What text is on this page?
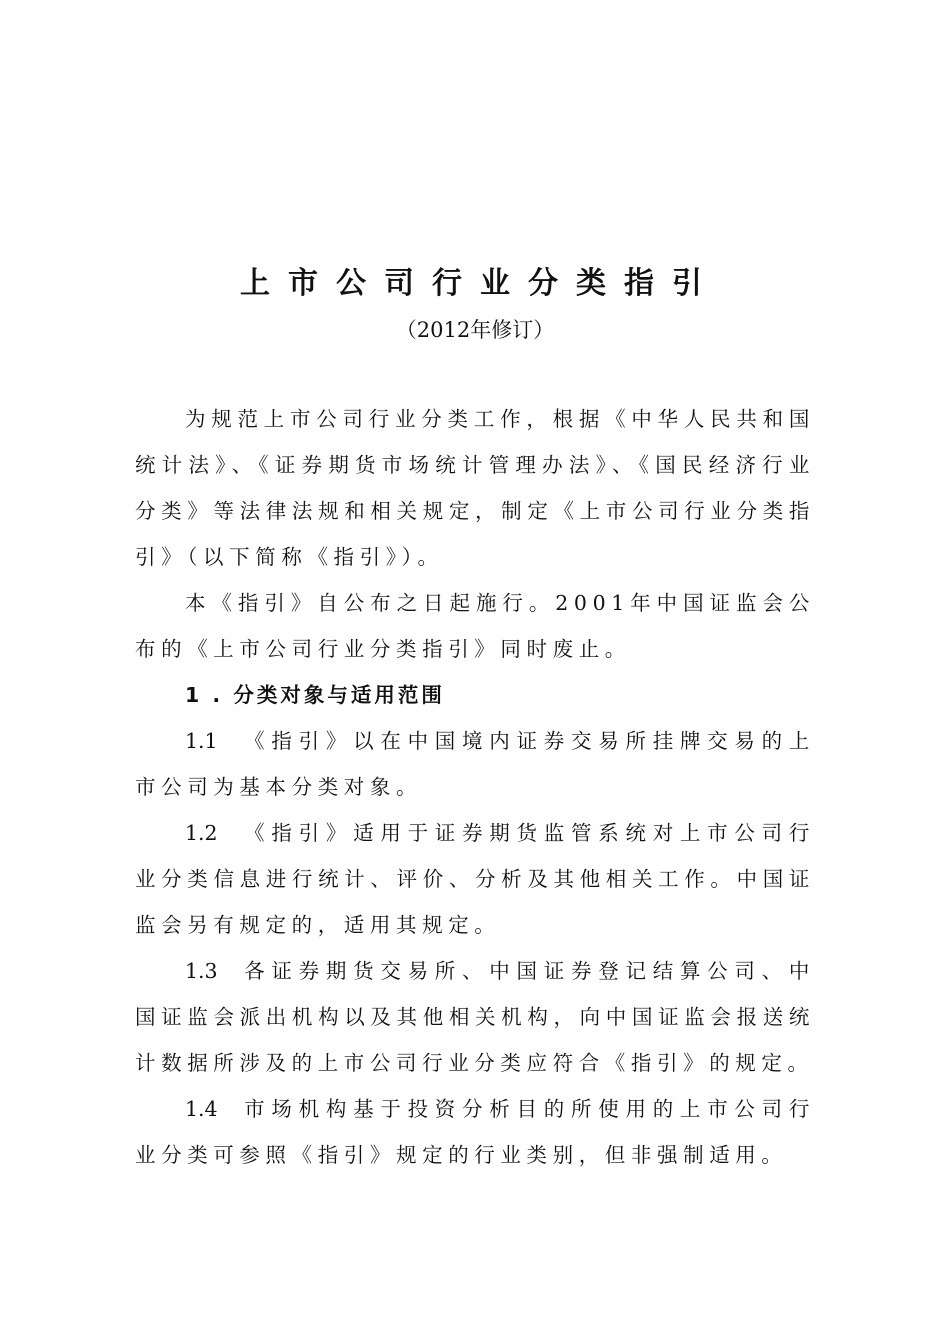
上市公司行业分类指引
（2012年修订）

为规范上市公司行业分类工作，根据《中华人民共和国统计法》、《证券期货市场统计管理办法》、《国民经济行业分类》等法律法规和相关规定，制定《上市公司行业分类指引》（以下简称《指引》）。

本《指引》自公布之日起施行。2001年中国证监会公布的《上市公司行业分类指引》同时废止。

1 . 分类对象与适用范围

1.1 《指引》以在中国境内证券交易所挂牌交易的上市公司为基本分类对象。

1.2 《指引》适用于证券期货监管系统对上市公司行业分类信息进行统计、评价、分析及其他相关工作。中国证监会另有规定的，适用其规定。

1.3 各证券期货交易所、中国证券登记结算公司、中国证监会派出机构以及其他相关机构，向中国证监会报送统计数据所涉及的上市公司行业分类应符合《指引》的规定。

1.4 市场机构基于投资分析目的所使用的上市公司行业分类可参照《指引》规定的行业类别，但非强制适用。
